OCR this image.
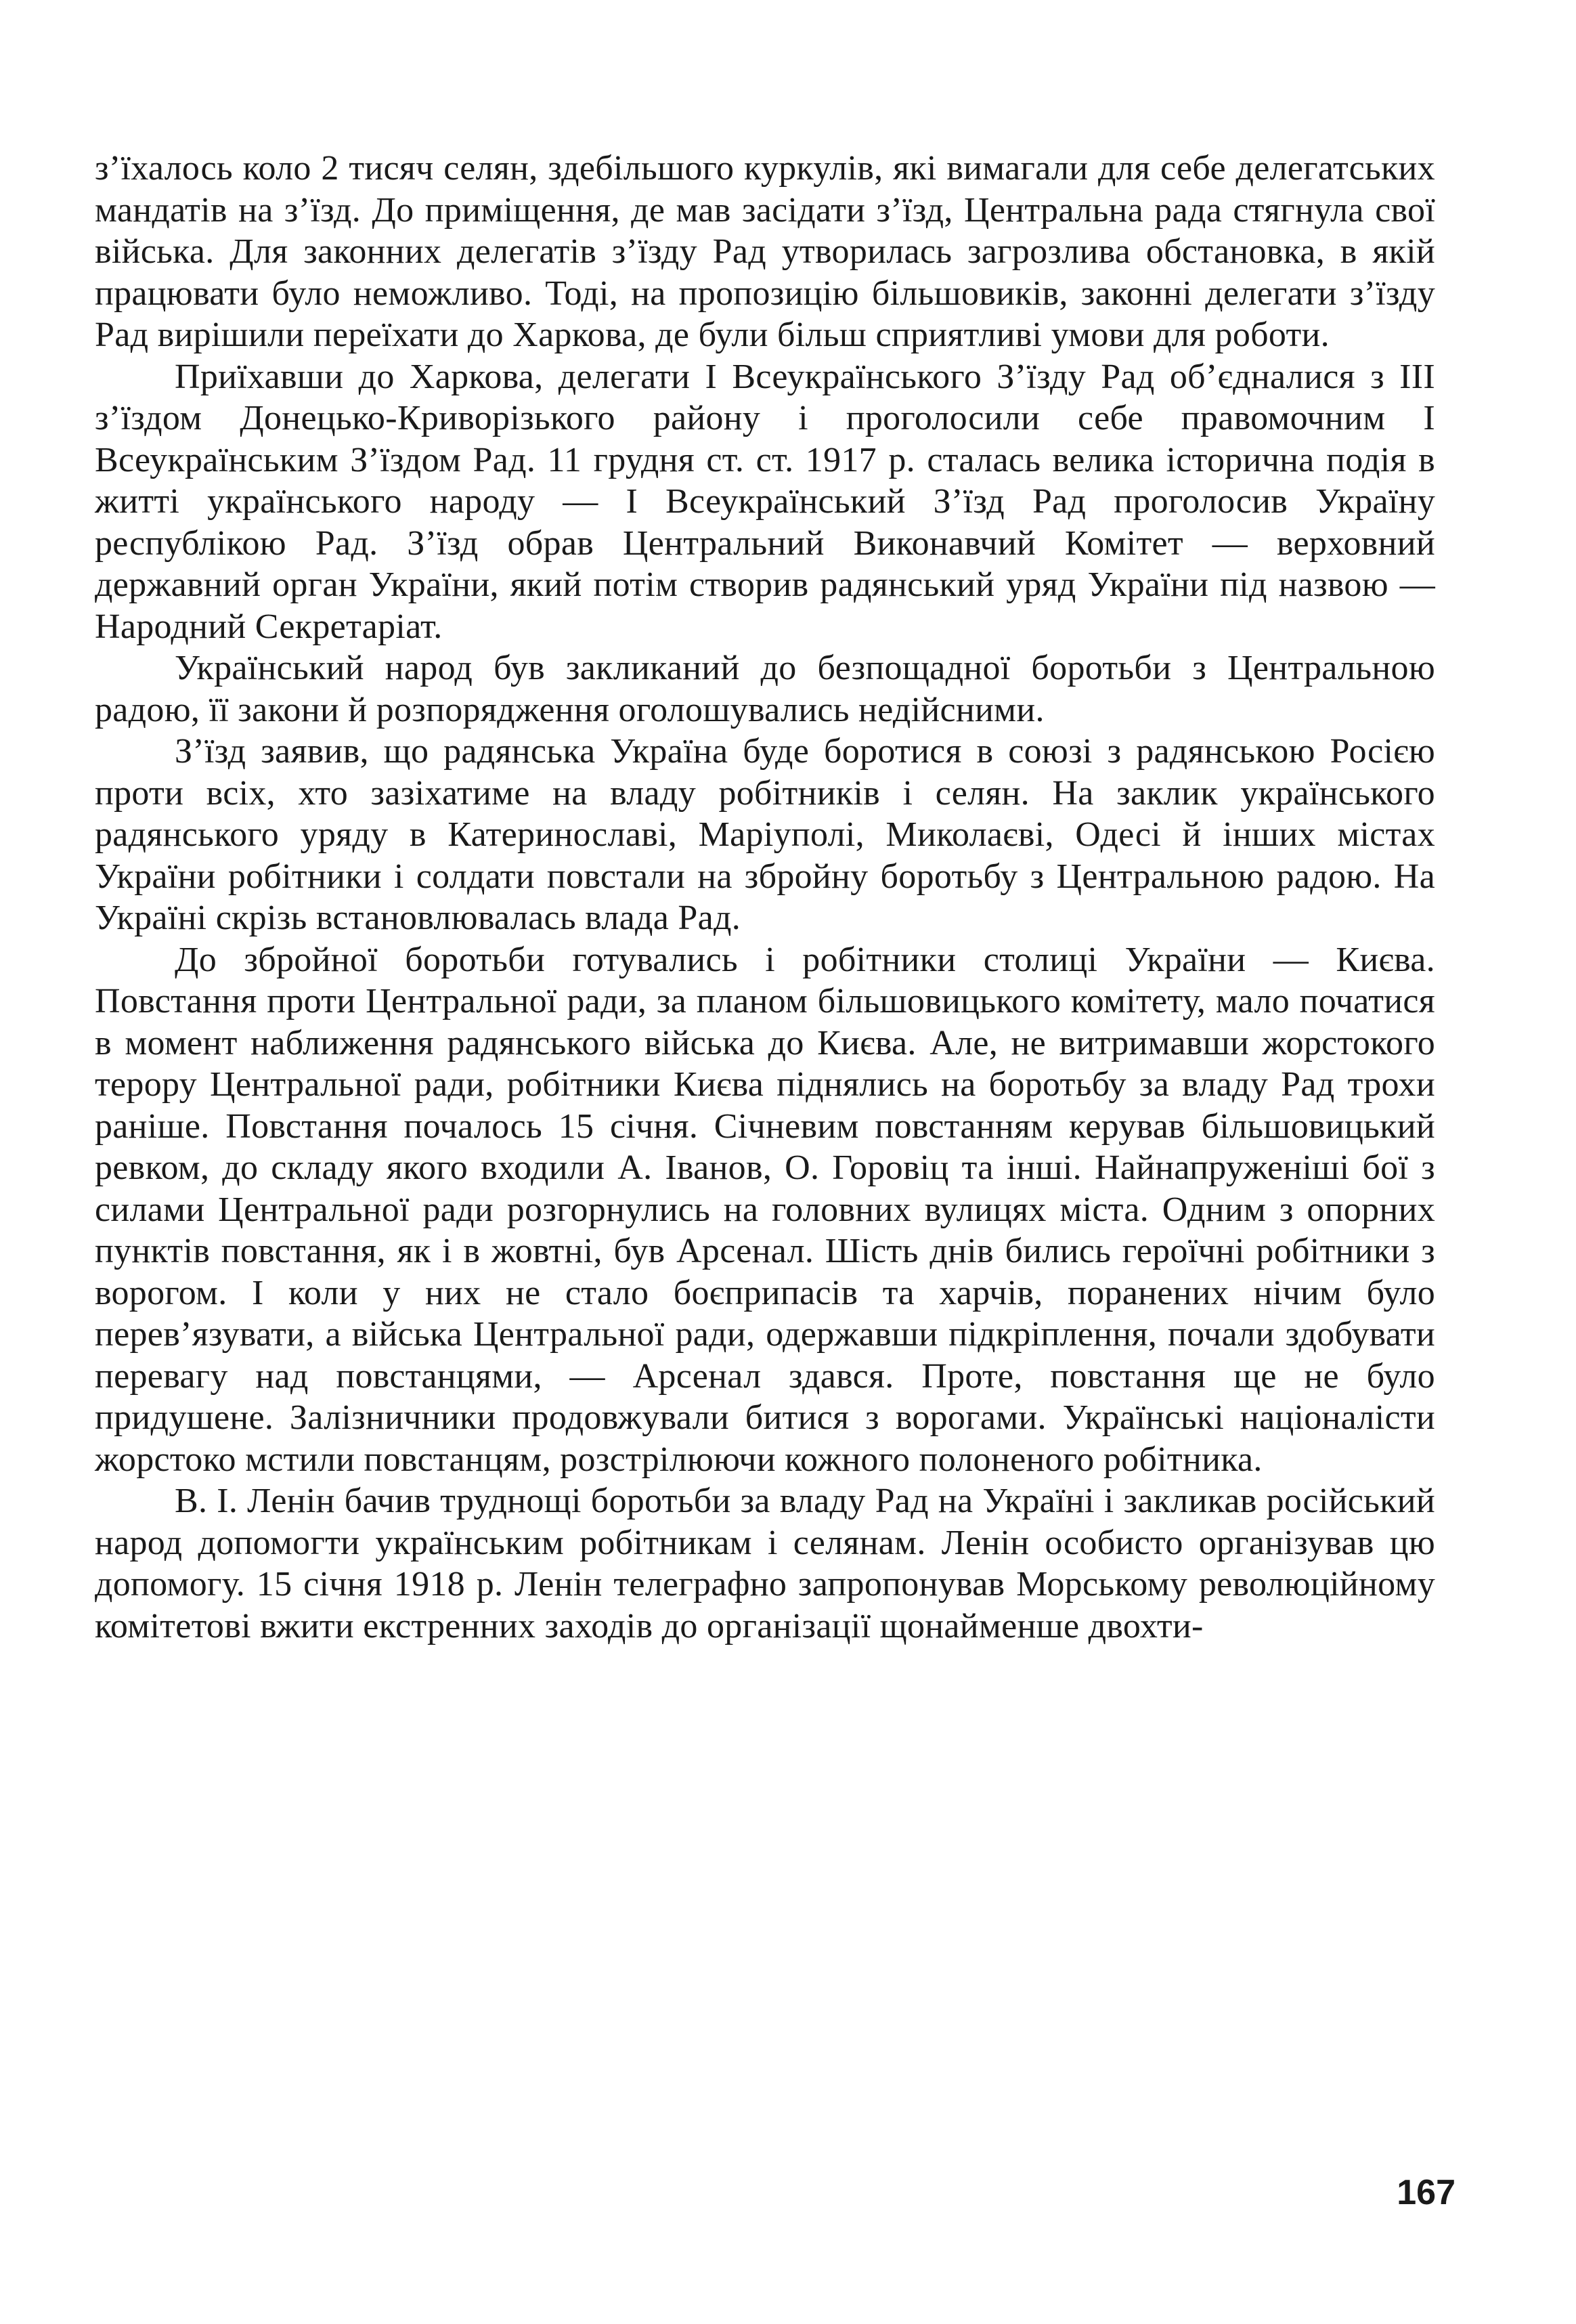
з’їхалось коло 2 тисяч селян, здебільшого куркулів, які вимагали для себе делегатських мандатів на з’їзд. До приміщення, де мав засідати з’їзд, Центральна рада стягнула свої війська. Для законних делегатів з’їзду Рад утворилась загрозлива обстановка, в якій працювати було неможливо. Тоді, на пропозицію більшовиків, законні делегати з’їзду Рад вирішили переїхати до Харкова, де були більш сприятливі умови для роботи.

Приїхавши до Харкова, делегати І Всеукраїнського З’їзду Рад об’єдналися з III з’їздом Донецько-Криворізького району і проголосили себе правомочним І Всеукраїнським З’їздом Рад. 11 грудня ст. ст. 1917 р. сталась велика історична подія в житті українського народу — І Всеукраїнський З’їзд Рад проголосив Україну республікою Рад. З’їзд обрав Центральний Виконавчий Комітет — верховний державний орган України, який потім створив радянський уряд України під назвою — Народний Секретаріат.

Український народ був закликаний до безпощадної боротьби з Центральною радою, її закони й розпорядження оголошувались недійсними.

З’їзд заявив, що радянська Україна буде боротися в союзі з радянською Росією проти всіх, хто зазіхатиме на владу робітників і селян. На заклик українського радянського уряду в Катеринославі, Маріуполі, Миколаєві, Одесі й інших містах України робітники і солдати повстали на збройну боротьбу з Центральною радою. На Україні скрізь встановлювалась влада Рад.

До збройної боротьби готувались і робітники столиці України — Києва. Повстання проти Центральної ради, за планом більшовицького комітету, мало початися в момент наближення радянського війська до Києва. Але, не витримавши жорстокого терору Центральної ради, робітники Києва піднялись на боротьбу за владу Рад трохи раніше. Повстання почалось 15 січня. Січневим повстанням керував більшовицький ревком, до складу якого входили А. Іванов, О. Горовіц та інші. Найнапруженіші бої з силами Центральної ради розгорнулись на головних вулицях міста. Одним з опорних пунктів повстання, як і в жовтні, був Арсенал. Шість днів бились героїчні робітники з ворогом. І коли у них не стало боєприпасів та харчів, поранених нічим було перев’язувати, а війська Центральної ради, одержавши підкріплення, почали здобувати перевагу над повстанцями, — Арсенал здався. Проте, повстання ще не було придушене. Залізничники продовжували битися з ворогами. Українські націоналісти жорстоко мстили повстанцям, розстрілюючи кожного полоненого робітника.

В. І. Ленін бачив труднощі боротьби за владу Рад на Україні і закликав російський народ допомогти українським робітникам і селянам. Ленін особисто організував цю допомогу. 15 січня 1918 р. Ленін телеграфно запропонував Морському революційному комітетові вжити екстренних заходів до організації щонайменше двохти-

167
